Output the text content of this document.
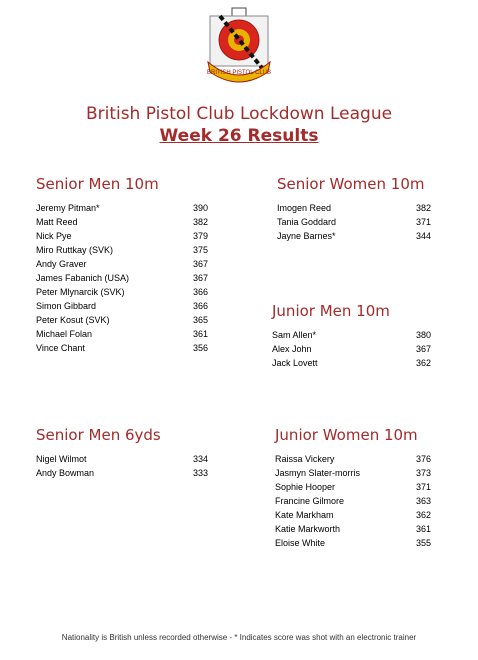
BRITISH PISTOL CLUB
British Pistol Club Lockdown League
Week 26 Results
Senior Men 10m
Jeremy Pitman*	390
Matt Reed	382
Nick Pye	379
Miro Ruttkay (SVK)	375
Andy Graver	367
James Fabanich (USA)	367
Peter Mlynarcik (SVK)	366
Simon Gibbard	366
Peter Kosut (SVK)	365
Michael Folan	361
Vince Chant	356
Senior Women 10m
Imogen Reed	382
Tania Goddard	371
Jayne Barnes*	344
Junior Men 10m
Sam Allen*	380
Alex John	367
Jack Lovett	362
Senior Men 6yds
Nigel Wilmot	334
Andy Bowman	333
Junior Women 10m
Raissa Vickery	376
Jasmyn Slater-morris	373
Sophie Hooper	371
Francine Gilmore	363
Kate Markham	362
Katie Markworth	361
Eloise White	355
Nationality is British unless recorded otherwise - * Indicates score was shot with an electronic trainer
